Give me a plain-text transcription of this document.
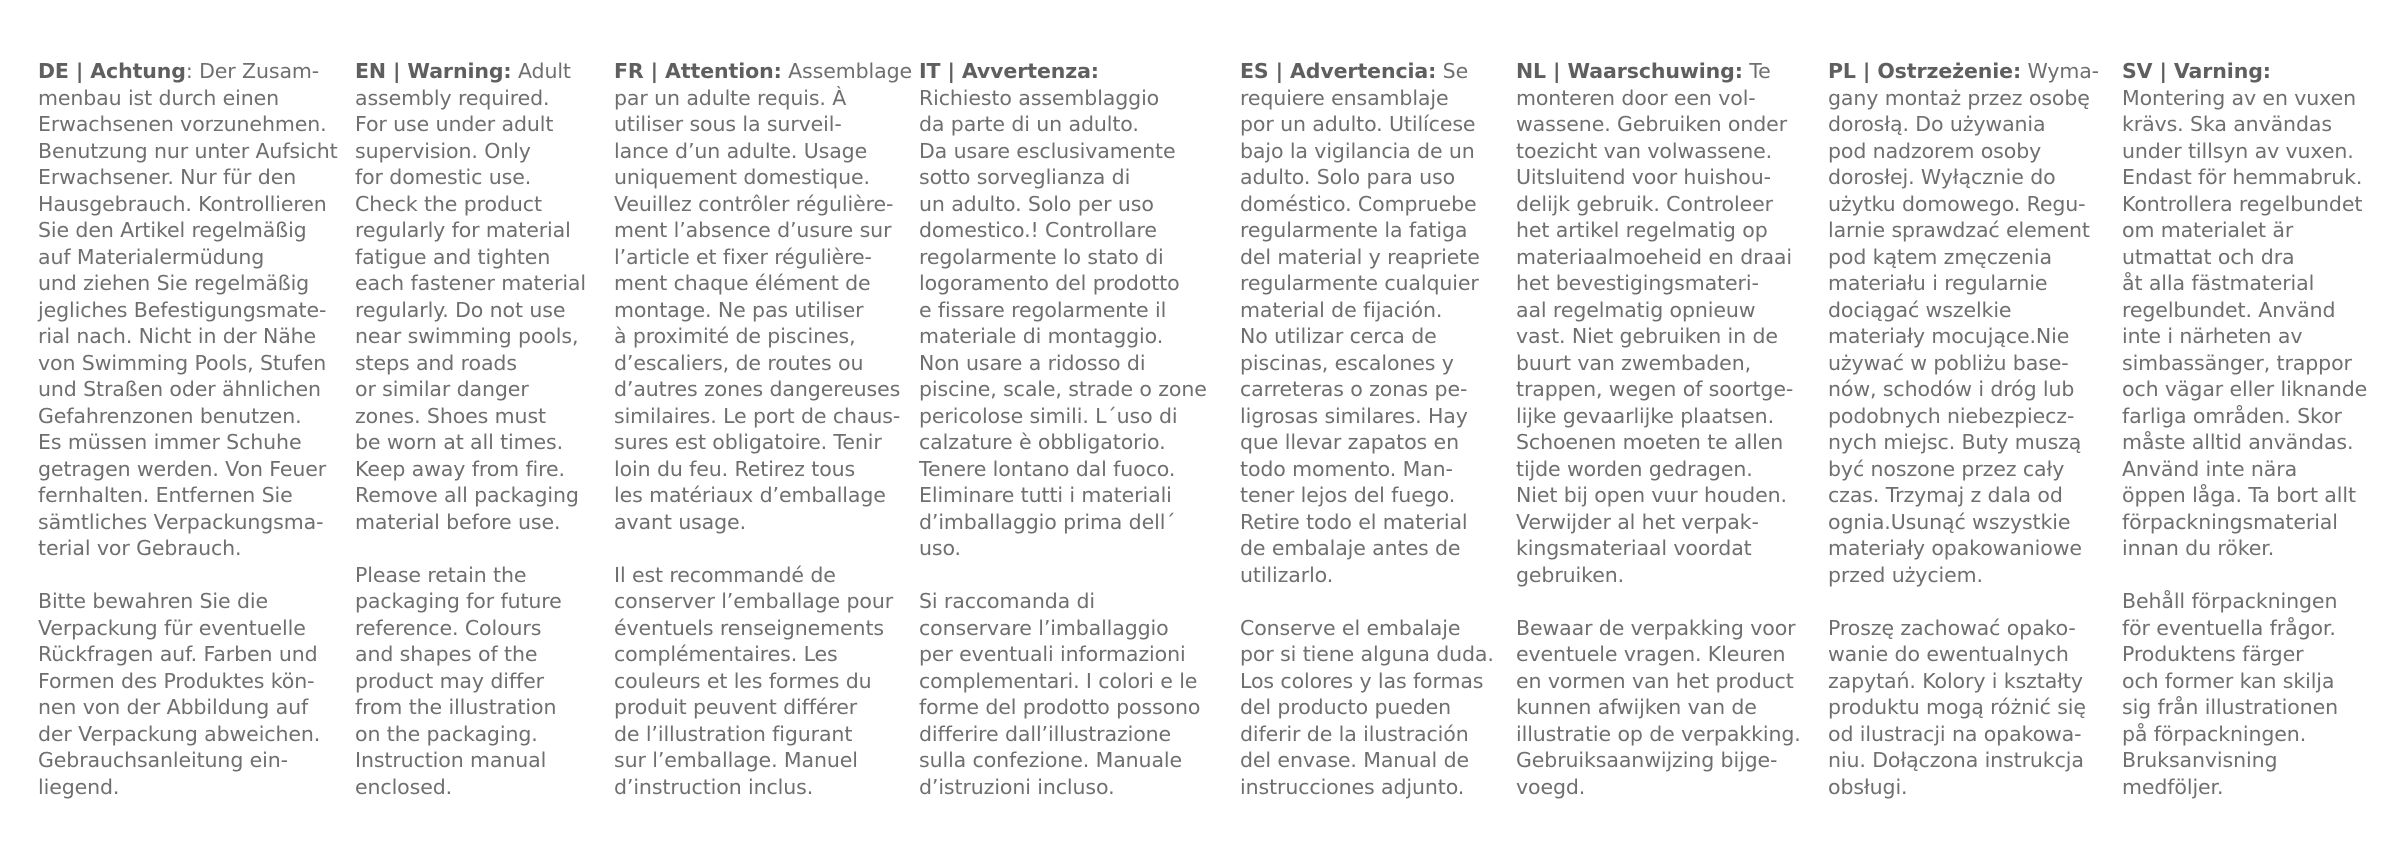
DE | Achtung: Der Zusam-
menbau ist durch einen
Erwachsenen vorzunehmen.
Benutzung nur unter Aufsicht
Erwachsener. Nur für den
Hausgebrauch. Kontrollieren
Sie den Artikel regelmäßig
auf Materialermüdung
und ziehen Sie regelmäßig
jegliches Befestigungsmate-
rial nach. Nicht in der Nähe
von Swimming Pools, Stufen
und Straßen oder ähnlichen
Gefahrenzonen benutzen.
Es müssen immer Schuhe
getragen werden. Von Feuer
fernhalten. Entfernen Sie
sämtliches Verpackungsma-
terial vor Gebrauch.

Bitte bewahren Sie die
Verpackung für eventuelle
Rückfragen auf. Farben und
Formen des Produktes kön-
nen von der Abbildung auf
der Verpackung abweichen.
Gebrauchsanleitung ein-
liegend.

EN | Warning: Adult
assembly required.
For use under adult
supervision. Only
for domestic use.
Check the product
regularly for material
fatigue and tighten
each fastener material
regularly. Do not use
near swimming pools,
steps and roads
or similar danger
zones. Shoes must
be worn at all times.
Keep away from fire.
Remove all packaging
material before use.

Please retain the
packaging for future
reference. Colours
and shapes of the
product may differ
from the illustration
on the packaging.
Instruction manual
enclosed.

FR | Attention: Assemblage
par un adulte requis. À
utiliser sous la surveil-
lance d’un adulte. Usage
uniquement domestique.
Veuillez contrôler régulière-
ment l’absence d’usure sur
l’article et fixer régulière-
ment chaque élément de
montage. Ne pas utiliser
à proximité de piscines,
d’escaliers, de routes ou
d’autres zones dangereuses
similaires. Le port de chaus-
sures est obligatoire. Tenir
loin du feu. Retirez tous
les matériaux d’emballage
avant usage.

Il est recommandé de
conserver l’emballage pour
éventuels renseignements
complémentaires. Les
couleurs et les formes du
produit peuvent différer
de l’illustration figurant
sur l’emballage. Manuel
d’instruction inclus.

IT | Avvertenza:
Richiesto assemblaggio
da parte di un adulto.
Da usare esclusivamente
sotto sorveglianza di
un adulto. Solo per uso
domestico.! Controllare
regolarmente lo stato di
logoramento del prodotto
e fissare regolarmente il
materiale di montaggio.
Non usare a ridosso di
piscine, scale, strade o zone
pericolose simili. L´uso di
calzature è obbligatorio.
Tenere lontano dal fuoco.
Eliminare tutti i materiali
d’imballaggio prima dell´
uso.

Si raccomanda di
conservare l’imballaggio
per eventuali informazioni
complementari. I colori e le
forme del prodotto possono
differire dall’illustrazione
sulla confezione. Manuale
d’istruzioni incluso.

ES | Advertencia: Se
requiere ensamblaje
por un adulto. Utilícese
bajo la vigilancia de un
adulto. Solo para uso
doméstico. Compruebe
regularmente la fatiga
del material y reapriete
regularmente cualquier
material de fijación.
No utilizar cerca de
piscinas, escalones y
carreteras o zonas pe-
ligrosas similares. Hay
que llevar zapatos en
todo momento. Man-
tener lejos del fuego.
Retire todo el material
de embalaje antes de
utilizarlo.

Conserve el embalaje
por si tiene alguna duda.
Los colores y las formas
del producto pueden
diferir de la ilustración
del envase. Manual de
instrucciones adjunto.

NL | Waarschuwing: Te
monteren door een vol-
wassene. Gebruiken onder
toezicht van volwassene.
Uitsluitend voor huishou-
delijk gebruik. Controleer
het artikel regelmatig op
materiaalmoeheid en draai
het bevestigingsmateri-
aal regelmatig opnieuw
vast. Niet gebruiken in de
buurt van zwembaden,
trappen, wegen of soortge-
lijke gevaarlijke plaatsen.
Schoenen moeten te allen
tijde worden gedragen.
Niet bij open vuur houden.
Verwijder al het verpak-
kingsmateriaal voordat
gebruiken.

Bewaar de verpakking voor
eventuele vragen. Kleuren
en vormen van het product
kunnen afwijken van de
illustratie op de verpakking.
Gebruiksaanwijzing bijge-
voegd.

PL | Ostrzeżenie: Wyma-
gany montaż przez osobę
dorosłą. Do używania
pod nadzorem osoby
dorosłej. Wyłącznie do
użytku domowego. Regu-
larnie sprawdzać element
pod kątem zmęczenia
materiału i regularnie
dociągać wszelkie
materiały mocujące.Nie
używać w pobliżu base-
nów, schodów i dróg lub
podobnych niebezpiecz-
nych miejsc. Buty muszą
być noszone przez cały
czas. Trzymaj z dala od
ognia.Usunąć wszystkie
materiały opakowaniowe
przed użyciem.

Proszę zachować opako-
wanie do ewentualnych
zapytań. Kolory i kształty
produktu mogą różnić się
od ilustracji na opakowa-
niu. Dołączona instrukcja
obsługi.

SV | Varning:
Montering av en vuxen
krävs. Ska användas
under tillsyn av vuxen.
Endast för hemmabruk.
Kontrollera regelbundet
om materialet är
utmattat och dra
åt alla fästmaterial
regelbundet. Använd
inte i närheten av
simbassänger, trappor
och vägar eller liknande
farliga områden. Skor
måste alltid användas.
Använd inte nära
öppen låga. Ta bort allt
förpackningsmaterial
innan du röker.

Behåll förpackningen
för eventuella frågor.
Produktens färger
och former kan skilja
sig från illustrationen
på förpackningen.
Bruksanvisning
medföljer.
